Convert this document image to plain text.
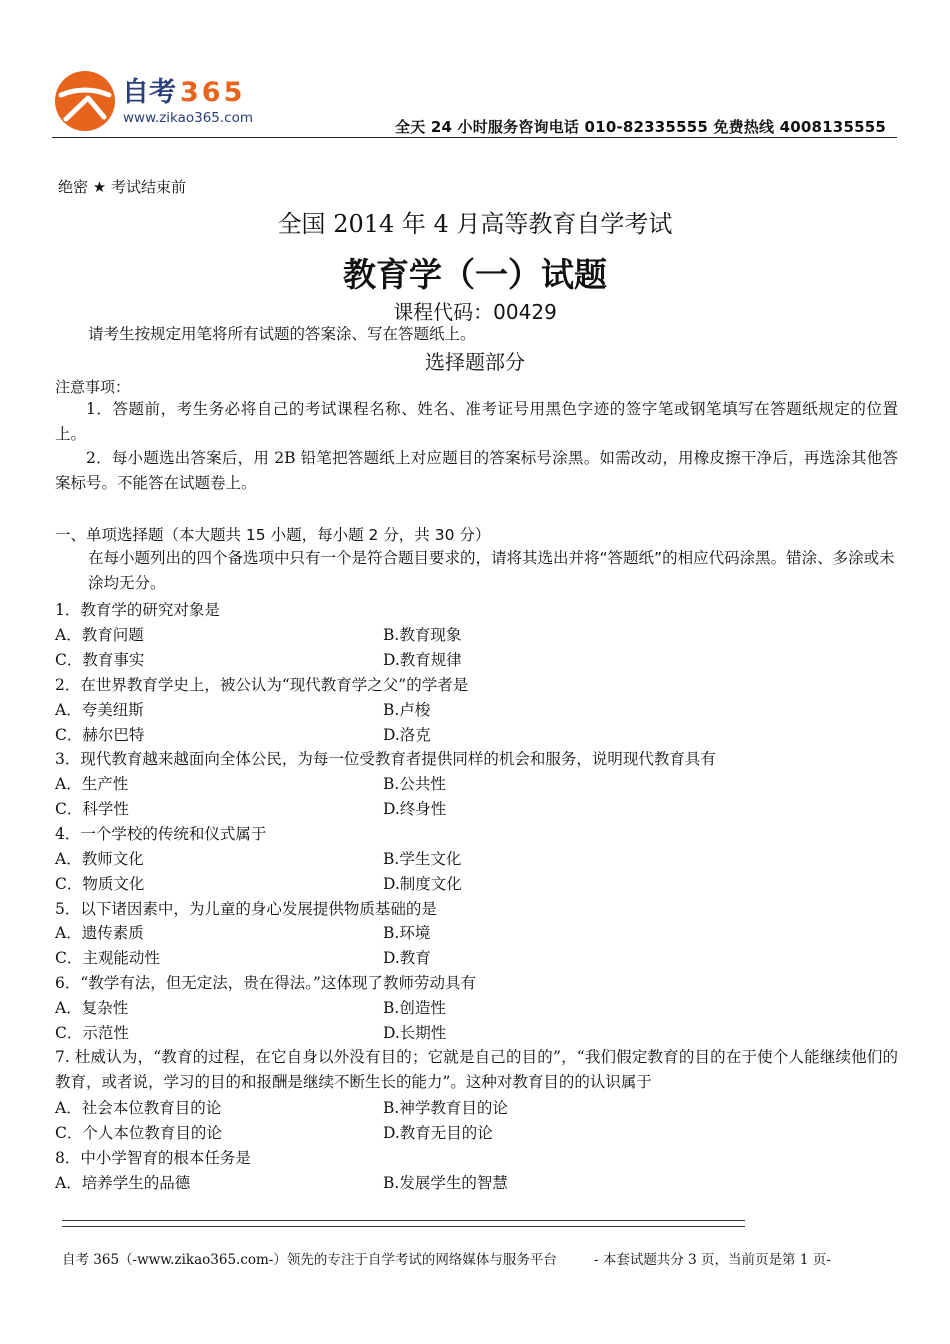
自考 365
www.zikao365.com	全天 24 小时服务咨询电话 010-82335555 免费热线 4008135555
绝密 ★ 考试结束前
全国 2014 年 4 月高等教育自学考试
教育学（一）试题
课程代码：00429
请考生按规定用笔将所有试题的答案涂、写在答题纸上。
选择题部分
注意事项：
1．答题前，考生务必将自己的考试课程名称、姓名、准考证号用黑色字迹的签字笔或钢笔填写在答题纸规定的位置上。
2．每小题选出答案后，用 2B 铅笔把答题纸上对应题目的答案标号涂黑。如需改动，用橡皮擦干净后，再选涂其他答案标号。不能答在试题卷上。
一、单项选择题（本大题共 15 小题，每小题 2 分，共 30 分）
在每小题列出的四个备选项中只有一个是符合题目要求的，请将其选出并将“答题纸”的相应代码涂黑。错涂、多涂或未涂均无分。
1．教育学的研究对象是
A．教育问题	B.教育现象
C．教育事实	D.教育规律
2．在世界教育学史上，被公认为“现代教育学之父”的学者是
A．夸美纽斯	B.卢梭
C．赫尔巴特	D.洛克
3．现代教育越来越面向全体公民，为每一位受教育者提供同样的机会和服务，说明现代教育具有
A．生产性	B.公共性
C．科学性	D.终身性
4．一个学校的传统和仪式属于
A．教师文化	B.学生文化
C．物质文化	D.制度文化
5．以下诸因素中，为儿童的身心发展提供物质基础的是
A．遗传素质	B.环境
C．主观能动性	D.教育
6．“教学有法，但无定法，贵在得法。”这体现了教师劳动具有
A．复杂性	B.创造性
C．示范性	D.长期性
7. 杜威认为，“教育的过程，在它自身以外没有目的；它就是自己的目的”，“我们假定教育的目的在于使个人能继续他们的教育，或者说，学习的目的和报酬是继续不断生长的能力”。这种对教育目的的认识属于
A．社会本位教育目的论	B.神学教育目的论
C．个人本位教育目的论	D.教育无目的论
8．中小学智育的根本任务是
A．培养学生的品德	B.发展学生的智慧
自考 365（-www.zikao365.com-）领先的专注于自学考试的网络媒体与服务平台	- 本套试题共分 3 页，当前页是第 1 页-
